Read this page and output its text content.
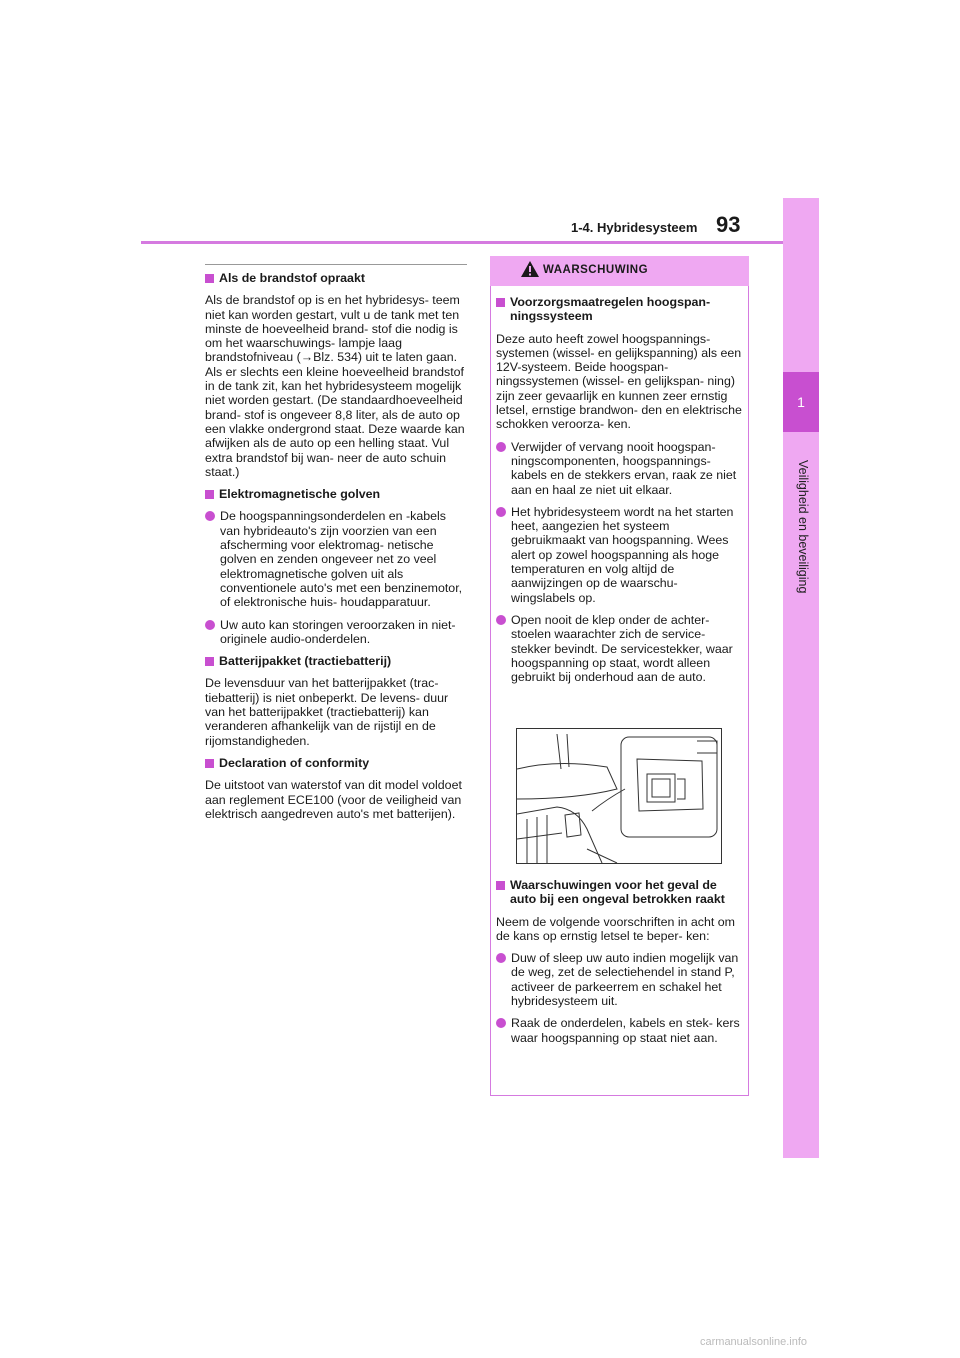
1
Veiligheid en beveiliging
1-4. Hybridesysteem 93

Als de brandstof opraakt

Als de brandstof op is en het hybridesys- teem niet kan worden gestart, vult u de tank met ten minste de hoeveelheid brand- stof die nodig is om het waarschuwings- lampje laag brandstofniveau (→Blz. 534) uit te laten gaan. Als er slechts een kleine hoeveelheid brandstof in de tank zit, kan het hybridesysteem mogelijk niet worden gestart. (De standaardhoeveelheid brand- stof is ongeveer 8,8 liter, als de auto op een vlakke ondergrond staat. Deze waarde kan afwijken als de auto op een helling staat. Vul extra brandstof bij wan- neer de auto schuin staat.)

Elektromagnetische golven

De hoogspanningsonderdelen en -kabels van hybrideauto's zijn voorzien van een afscherming voor elektromag- netische golven en zenden ongeveer net zo veel elektromagnetische golven uit als conventionele auto's met een benzinemotor, of elektronische huis- houdapparatuur.
Uw auto kan storingen veroorzaken in niet-originele audio-onderdelen.

Batterijpakket (tractiebatterij)

De levensduur van het batterijpakket (trac- tiebatterij) is niet onbeperkt. De levens- duur van het batterijpakket (tractiebatterij) kan veranderen afhankelijk van de rijstijl en de rijomstandigheden.

Declaration of conformity

De uitstoot van waterstof van dit model voldoet aan reglement ECE100 (voor de veiligheid van elektrisch aangedreven auto's met batterijen).

WAARSCHUWING

Voorzorgsmaatregelen hoogspan- ningssysteem

Deze auto heeft zowel hoogspannings- systemen (wissel- en gelijkspanning) als een 12V-systeem. Beide hoogspan- ningssystemen (wissel- en gelijkspan- ning) zijn zeer gevaarlijk en kunnen zeer ernstig letsel, ernstige brandwon- den en elektrische schokken veroorza- ken.

Verwijder of vervang nooit hoogspan- ningscomponenten, hoogspannings- kabels en de stekkers ervan, raak ze niet aan en haal ze niet uit elkaar.
Het hybridesysteem wordt na het starten heet, aangezien het systeem gebruikmaakt van hoogspanning. Wees alert op zowel hoogspanning als hoge temperaturen en volg altijd de aanwijzingen op de waarschu- wingslabels op.
Open nooit de klep onder de achter- stoelen waarachter zich de service- stekker bevindt. De servicestekker, waar hoogspanning op staat, wordt alleen gebruikt bij onderhoud aan de auto.

Waarschuwingen voor het geval de auto bij een ongeval betrokken raakt

Neem de volgende voorschriften in acht om de kans op ernstig letsel te beper- ken:

Duw of sleep uw auto indien mogelijk van de weg, zet de selectiehendel in stand P, activeer de parkeerrem en schakel het hybridesysteem uit.
Raak de onderdelen, kabels en stek- kers waar hoogspanning op staat niet aan.
carmanualsonline.info
